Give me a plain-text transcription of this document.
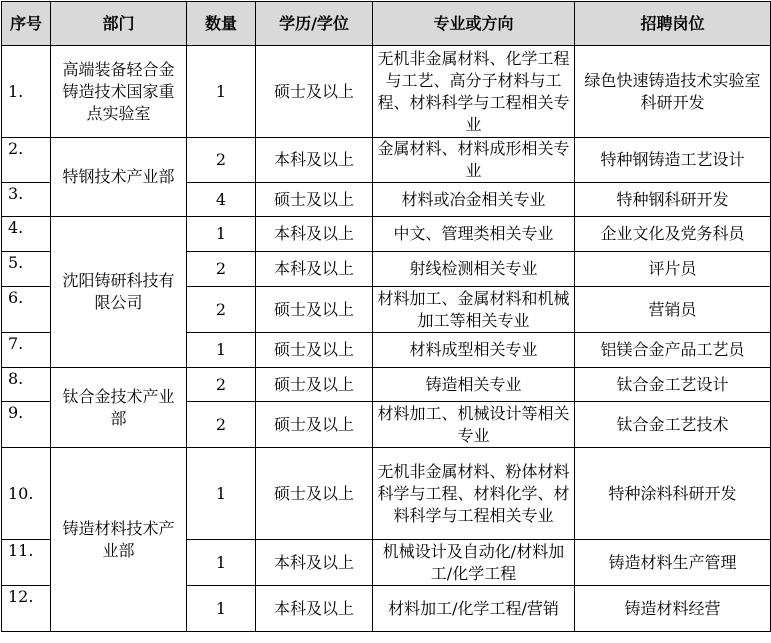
序号	部门	数量	学历/学位	专业或方向	招聘岗位
1.	高端装备轻合金铸造技术国家重点实验室	1	硕士及以上	无机非金属材料、化学工程与工艺、高分子材料与工程、材料科学与工程相关专业	绿色快速铸造技术实验室科研开发
2.	特钢技术产业部	2	本科及以上	金属材料、材料成形相关专业	特种钢铸造工艺设计
3.		4	硕士及以上	材料或冶金相关专业	特种钢科研开发
4.	沈阳铸研科技有限公司	1	本科及以上	中文、管理类相关专业	企业文化及党务科员
5.		2	本科及以上	射线检测相关专业	评片员
6.		2	硕士及以上	材料加工、金属材料和机械加工等相关专业	营销员
7.		1	硕士及以上	材料成型相关专业	铝镁合金产品工艺员
8.	钛合金技术产业部	2	硕士及以上	铸造相关专业	钛合金工艺设计
9.		2	硕士及以上	材料加工、机械设计等相关专业	钛合金工艺技术
10.	铸造材料技术产业部	1	硕士及以上	无机非金属材料、粉体材料科学与工程、材料化学、材料科学与工程相关专业	特种涂料科研开发
11.		1	本科及以上	机械设计及自动化/材料加工/化学工程	铸造材料生产管理
12.		1	本科及以上	材料加工/化学工程/营销	铸造材料经营
